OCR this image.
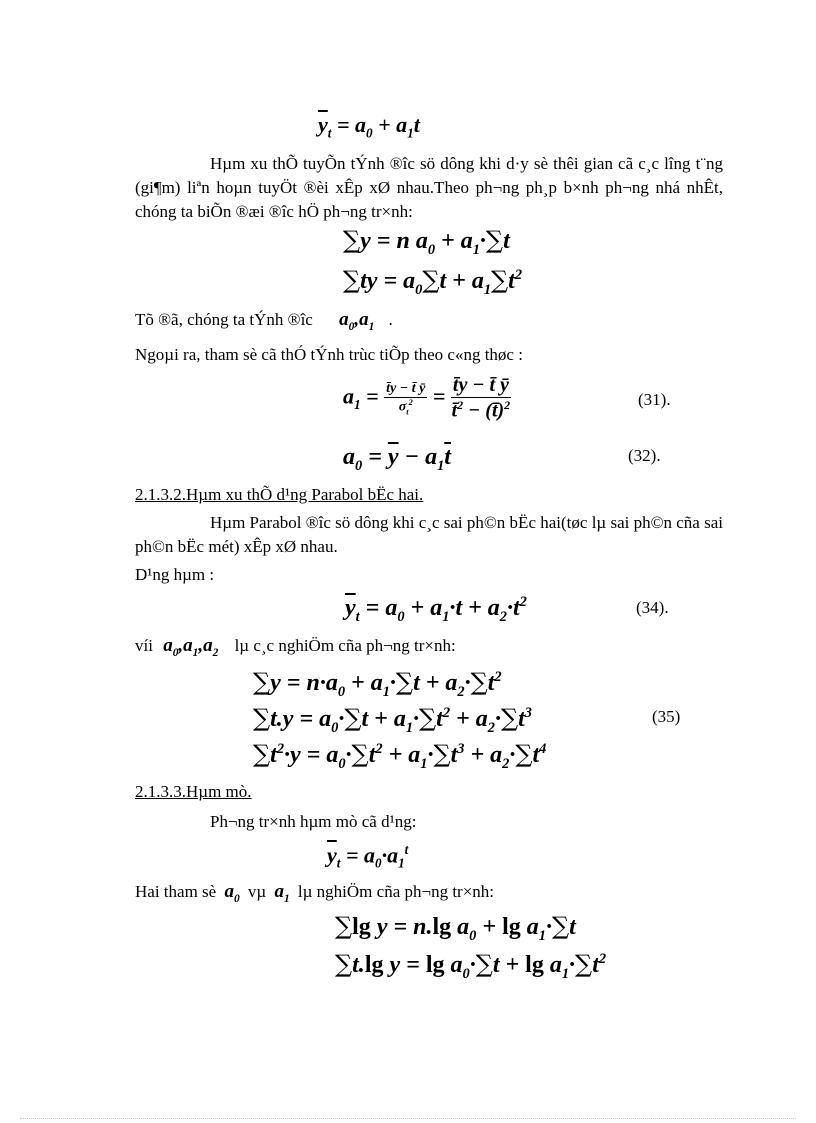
$\overline{y}_t = a_0 + a_1t$
Hµm xu thÕ tuyÕn tÝnh ®îc sö dông khi d·y sè thêi gian cã c¸c lîng t¨ng (gi¶m) liªn hoµn tuyÖt ®èi xÊp xØ nhau.Theo ph¬ng ph¸p b×nh ph¬ng nhá nhÊt, chóng ta biÕn ®æi ®îc hÖ ph¬ng tr×nh:
∑y = n $a_0 + a_1\cdot\sum t$
$\sum ty = a_0\sum t + a_1\sum t^2$
Tõ ®ã, chóng ta tÝnh ®îc $a_0,a_1$ .
Ngoµi ra, tham sè cã thÓ tÝnh trùc tiÕp theo c«ng thøc :
$a_1 = \frac{t̄y - t̄ ȳ}{\sigma_t^2} = \frac{t̄y - t̄ ȳ}{t̄^2 - (t̄)^2}$	(31).
$a_0 = \overline{y} - a_1\overline{t}$	(32).
2.1.3.2.Hµm xu thÕ d¹ng Parabol bËc hai.
Hµm Parabol ®îc sö dông khi c¸c sai ph©n bËc hai(tøc lµ sai ph©n cña sai ph©n bËc mét) xÊp xØ nhau.
D¹ng hµm :
$\overline{y}_t = a_0 + a_1\cdot t + a_2\cdot t^2$	(34).
víi $a_0,a_1,a_2$ lµ c¸c nghiÖm cña ph¬ng tr×nh:
$\sum y = n\cdot a_0 + a_1\cdot\sum t + a_2\cdot\sum t^2$
$\sum t.y = a_0\cdot\sum t + a_1\cdot\sum t^2 + a_2\cdot\sum t^3$
$\sum t^2\cdot y = a_0\cdot\sum t^2 + a_1\cdot\sum t^3 + a_2\cdot\sum t^4$
(35)
2.1.3.3.Hµm mò.
Ph¬ng tr×nh hµm mò cã d¹ng:
$\overline{y}_t = a_0\cdot a_1^t$
Hai tham sè $a_0$ vµ $a_1$ lµ nghiÖm cña ph¬ng tr×nh:
∑lg y = n.lg $a_0 + \lg a_1\cdot\sum t$
∑t.lg $y = \lg a_0\cdot\sum t + \lg a_1\cdot\sum t^2$
